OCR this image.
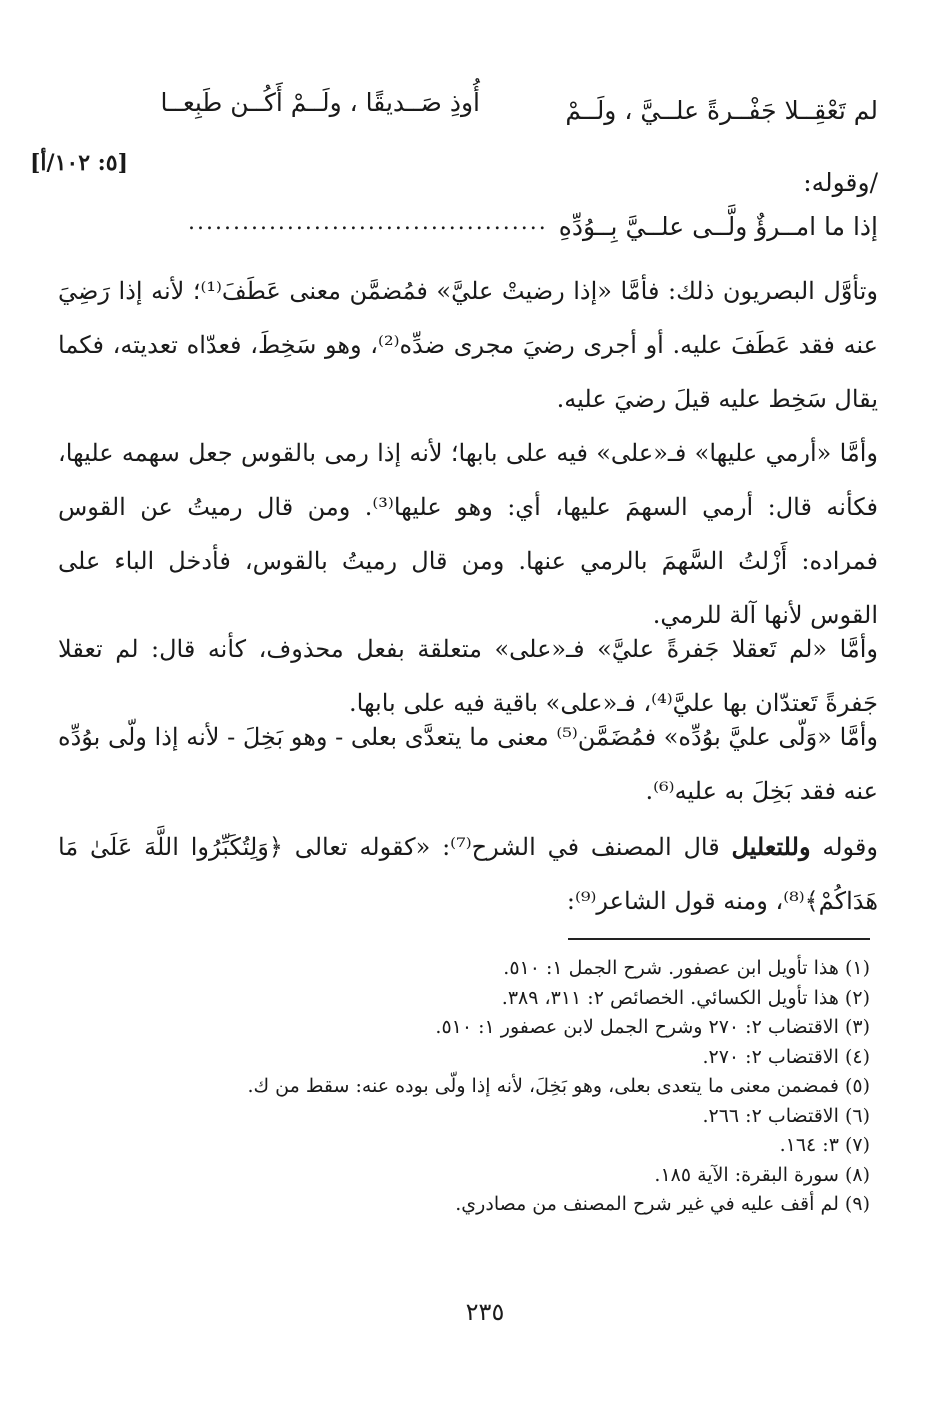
لم تَعْقِــلا جَفْــرةً علــيَّ ، ولَــمْ
أُوذِ صَــديقًا ، ولَــمْ أَكُــن طَبِعــا
[٥: ١٠٢/أ]
/وقوله:
إذا ما امــرؤٌ ولَّــى علــيَّ بِــوُدِّهِ
........................................

وتأوَّل البصريون ذلك: فأمَّا «إذا رضيتْ عليَّ» فمُضمَّن معنى عَطَفَ⁽¹⁾؛ لأنه إذا رَضِيَ عنه فقد عَطَفَ عليه. أو أجرى رضيَ مجرى ضدِّه⁽²⁾، وهو سَخِطَ، فعدّاه تعديته، فكما يقال سَخِط عليه قيلَ رضيَ عليه.

وأمَّا «أرمي عليها» فـ«على» فيه على بابها؛ لأنه إذا رمى بالقوس جعل سهمه عليها، فكأنه قال: أرمي السهمَ عليها، أي: وهو عليها⁽³⁾. ومن قال رميتُ عن القوس فمراده: أَزْلتُ السَّهمَ بالرمي عنها. ومن قال رميتُ بالقوس، فأدخل الباء على القوس لأنها آلة للرمي.

وأمَّا «لم تَعقلا جَفرةً عليَّ» فـ«على» متعلقة بفعل محذوف، كأنه قال: لم تعقلا جَفرةً تَعتدّان بها عليَّ⁽⁴⁾، فـ«على» باقية فيه على بابها.

وأمَّا «وَلّى عليَّ بوُدِّه» فمُضَمَّن⁽⁵⁾ معنى ما يتعدَّى بعلى - وهو بَخِلَ - لأنه إذا ولّى بوُدِّه عنه فقد بَخِلَ به عليه⁽⁶⁾.

وقوله وللتعليل قال المصنف في الشرح⁽⁷⁾: «كقوله تعالى ﴿وَلِتُكَبِّرُوا اللَّهَ عَلَىٰ مَا هَدَاكُمْ﴾⁽⁸⁾، ومنه قول الشاعر⁽⁹⁾:

(١) هذا تأويل ابن عصفور. شرح الجمل ١: ٥١٠.
(٢) هذا تأويل الكسائي. الخصائص ٢: ٣١١، ٣٨٩.
(٣) الاقتضاب ٢: ٢٧٠ وشرح الجمل لابن عصفور ١: ٥١٠.
(٤) الاقتضاب ٢: ٢٧٠.
(٥) فمضمن معنى ما يتعدى بعلى، وهو بَخِلَ، لأنه إذا ولّى بوده عنه: سقط من ك.
(٦) الاقتضاب ٢: ٢٦٦.
(٧) ٣: ١٦٤.
(٨) سورة البقرة: الآية ١٨٥.
(٩) لم أقف عليه في غير شرح المصنف من مصادري.
٢٣٥
